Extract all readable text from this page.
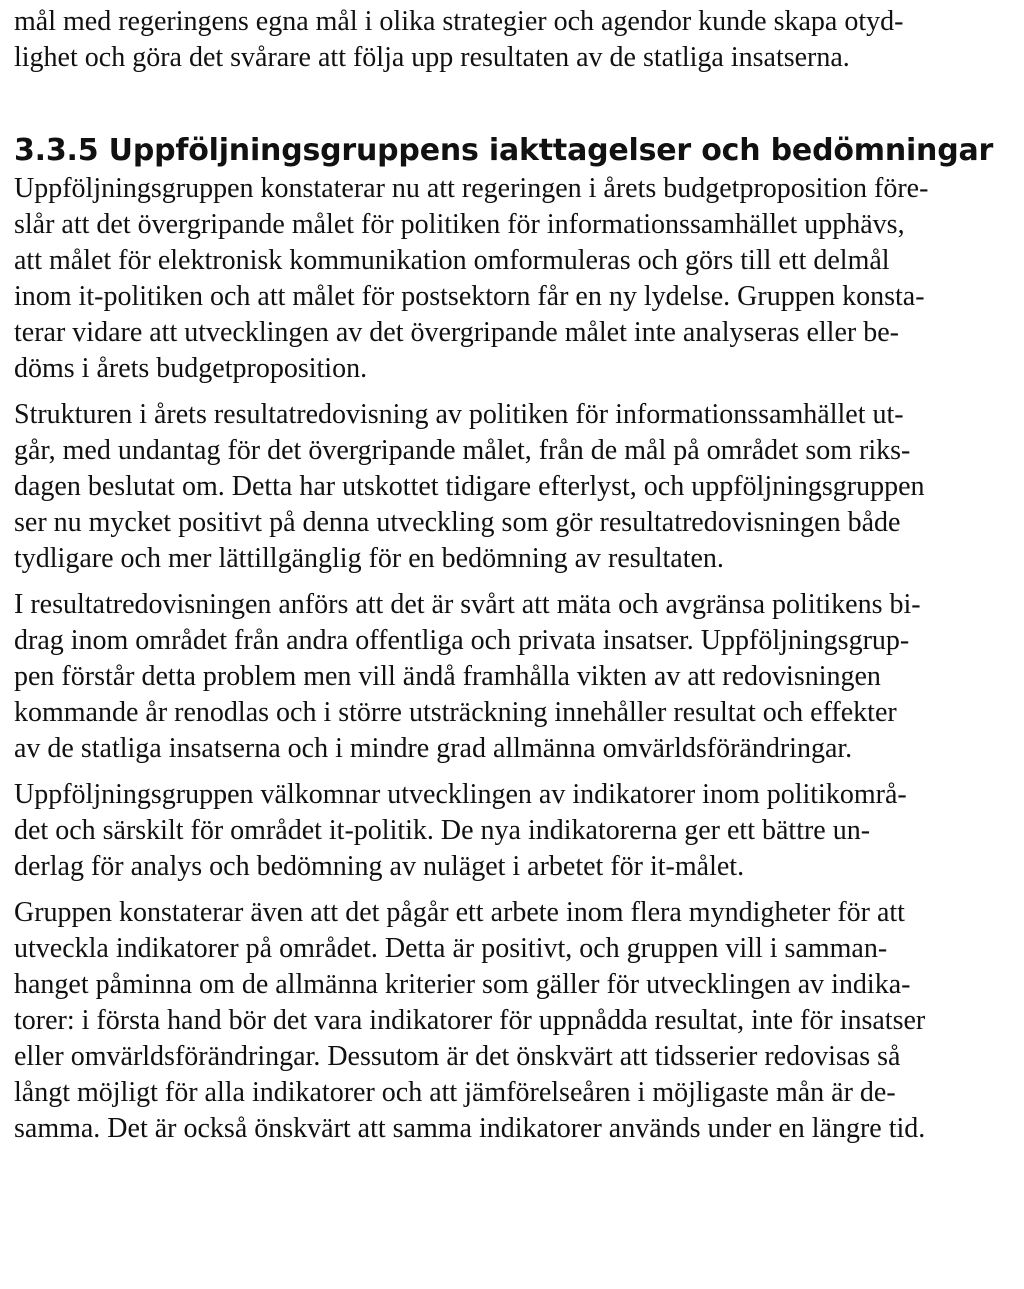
mål med regeringens egna mål i olika strategier och agendor kunde skapa otyd-
lighet och göra det svårare att följa upp resultaten av de statliga insatserna.
3.3.5 Uppföljningsgruppens iakttagelser och bedömningar
Uppföljningsgruppen konstaterar nu att regeringen i årets budgetproposition före-
slår att det övergripande målet för politiken för informationssamhället upphävs,
att målet för elektronisk kommunikation omformuleras och görs till ett delmål
inom it-politiken och att målet för postsektorn får en ny lydelse. Gruppen konsta-
terar vidare att utvecklingen av det övergripande målet inte analyseras eller be-
döms i årets budgetproposition.
Strukturen i årets resultatredovisning av politiken för informationssamhället ut-
går, med undantag för det övergripande målet, från de mål på området som riks-
dagen beslutat om. Detta har utskottet tidigare efterlyst, och uppföljningsgruppen
ser nu mycket positivt på denna utveckling som gör resultatredovisningen både
tydligare och mer lättillgänglig för en bedömning av resultaten.
I resultatredovisningen anförs att det är svårt att mäta och avgränsa politikens bi-
drag inom området från andra offentliga och privata insatser. Uppföljningsgrup-
pen förstår detta problem men vill ändå framhålla vikten av att redovisningen
kommande år renodlas och i större utsträckning innehåller resultat och effekter
av de statliga insatserna och i mindre grad allmänna omvärldsförändringar.
Uppföljningsgruppen välkomnar utvecklingen av indikatorer inom politikområ-
det och särskilt för området it-politik. De nya indikatorerna ger ett bättre un-
derlag för analys och bedömning av nuläget i arbetet för it-målet.
Gruppen konstaterar även att det pågår ett arbete inom flera myndigheter för att
utveckla indikatorer på området. Detta är positivt, och gruppen vill i samman-
hanget påminna om de allmänna kriterier som gäller för utvecklingen av indika-
torer: i första hand bör det vara indikatorer för uppnådda resultat, inte för insatser
eller omvärldsförändringar. Dessutom är det önskvärt att tidsserier redovisas så
långt möjligt för alla indikatorer och att jämförelseåren i möjligaste mån är de-
samma. Det är också önskvärt att samma indikatorer används under en längre tid.
